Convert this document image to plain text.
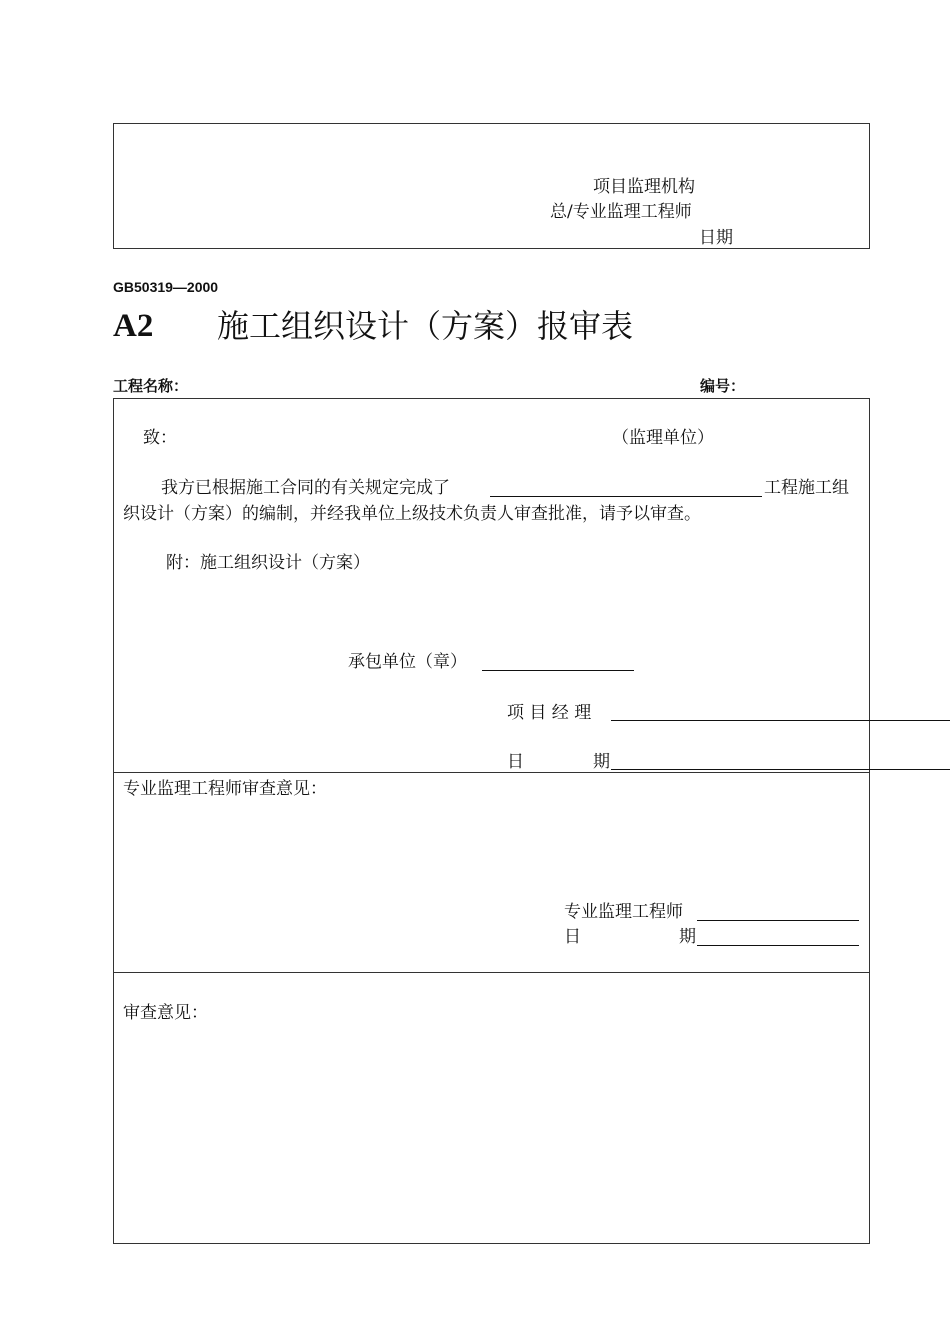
项目监理机构
总/专业监理工程师
日期
GB50319—2000
A2 施工组织设计（方案）报审表
工程名称：	编号：
致：	（监理单位）
我方已根据施工合同的有关规定完成了	工程施工组
织设计（方案）的编制，并经我单位上级技术负责人审查批准，请予以审查。
附：施工组织设计（方案）
承包单位（章）
项 目 经 理
日	期
专业监理工程师审查意见：
专业监理工程师
日	期
审查意见：
